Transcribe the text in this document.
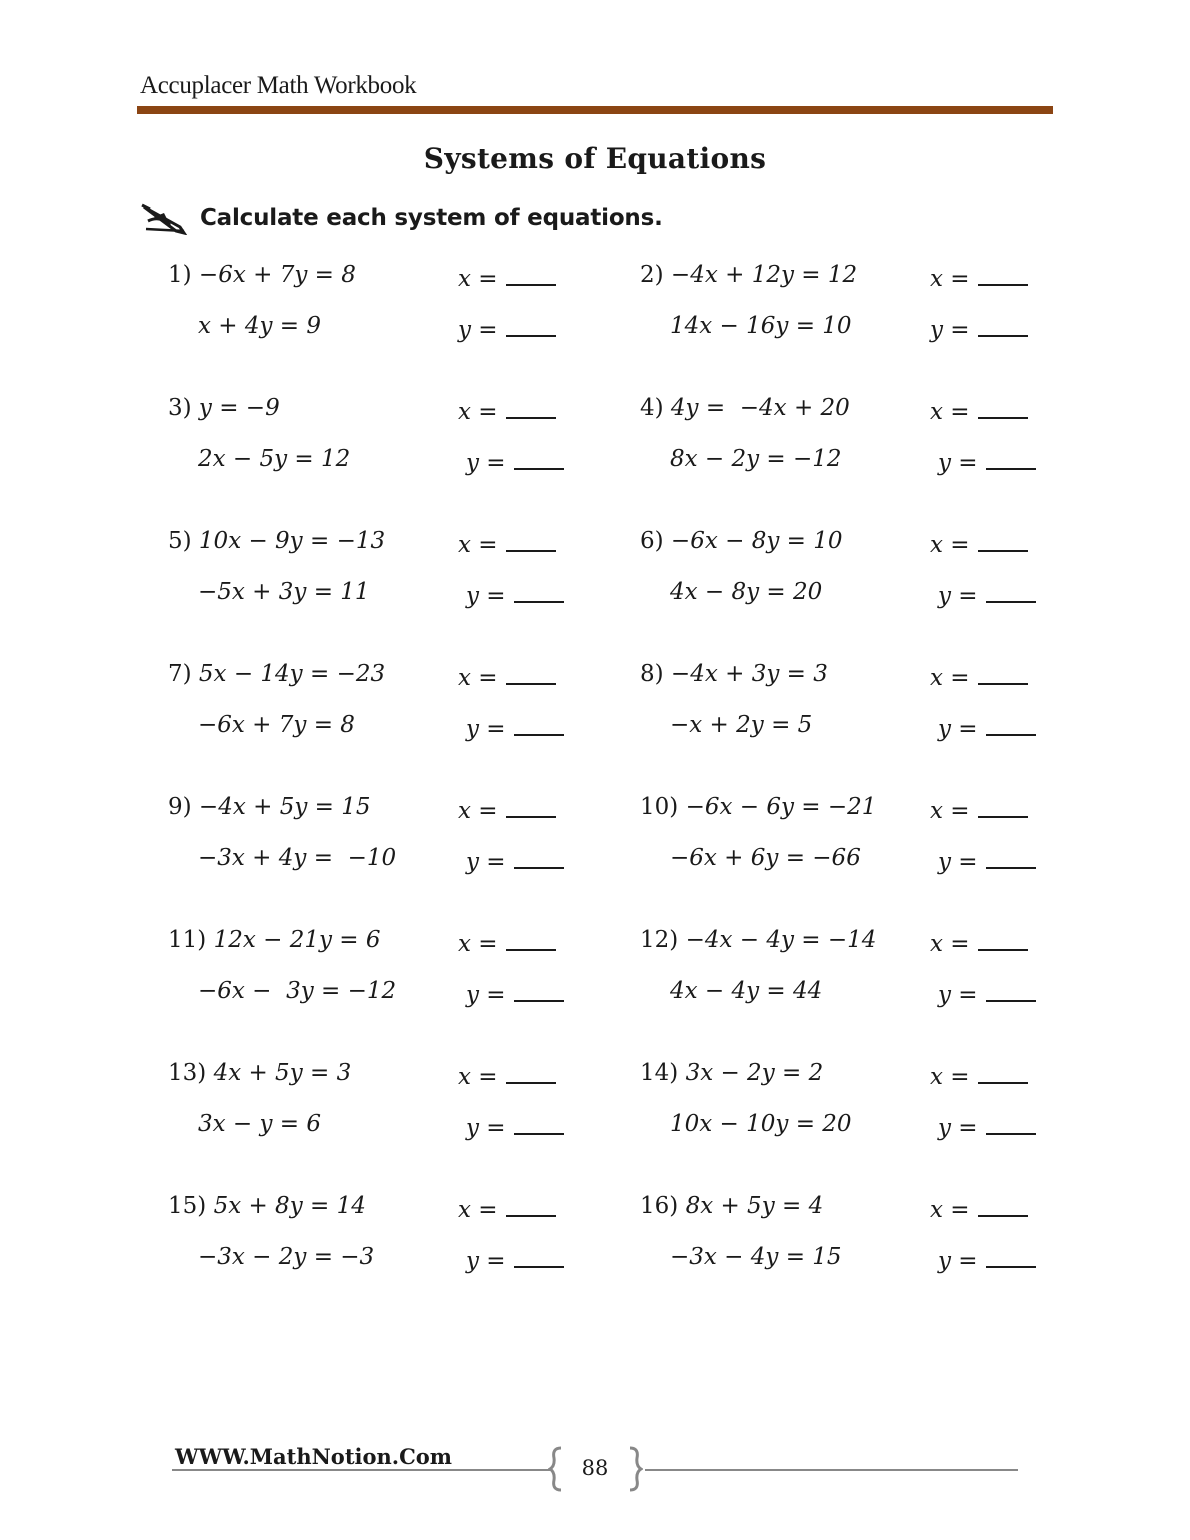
Accuplacer Math Workbook
Systems of Equations
Calculate each system of equations.
1) −6x + 7y = 8
x + 4y = 9
x =
y =
2) −4x + 12y = 12
14x − 16y = 10
x =
y =
3) y = −9
2x − 5y = 12
x =
y =
4) 4y =  −4x + 20
8x − 2y = −12
x =
y =
5) 10x − 9y = −13
−5x + 3y = 11
x =
y =
6) −6x − 8y = 10
4x − 8y = 20
x =
y =
7) 5x − 14y = −23
−6x + 7y = 8
x =
y =
8) −4x + 3y = 3
−x + 2y = 5
x =
y =
9) −4x + 5y = 15
−3x + 4y =  −10
x =
y =
10) −6x − 6y = −21
−6x + 6y = −66
x =
y =
11) 12x − 21y = 6
−6x −  3y = −12
x =
y =
12) −4x − 4y = −14
4x − 4y = 44
x =
y =
13) 4x + 5y = 3
3x − y = 6
x =
y =
14) 3x − 2y = 2
10x − 10y = 20
x =
y =
15) 5x + 8y = 14
−3x − 2y = −3
x =
y =
16) 8x + 5y = 4
−3x − 4y = 15
x =
y =
WWW.MathNotion.Com	88
